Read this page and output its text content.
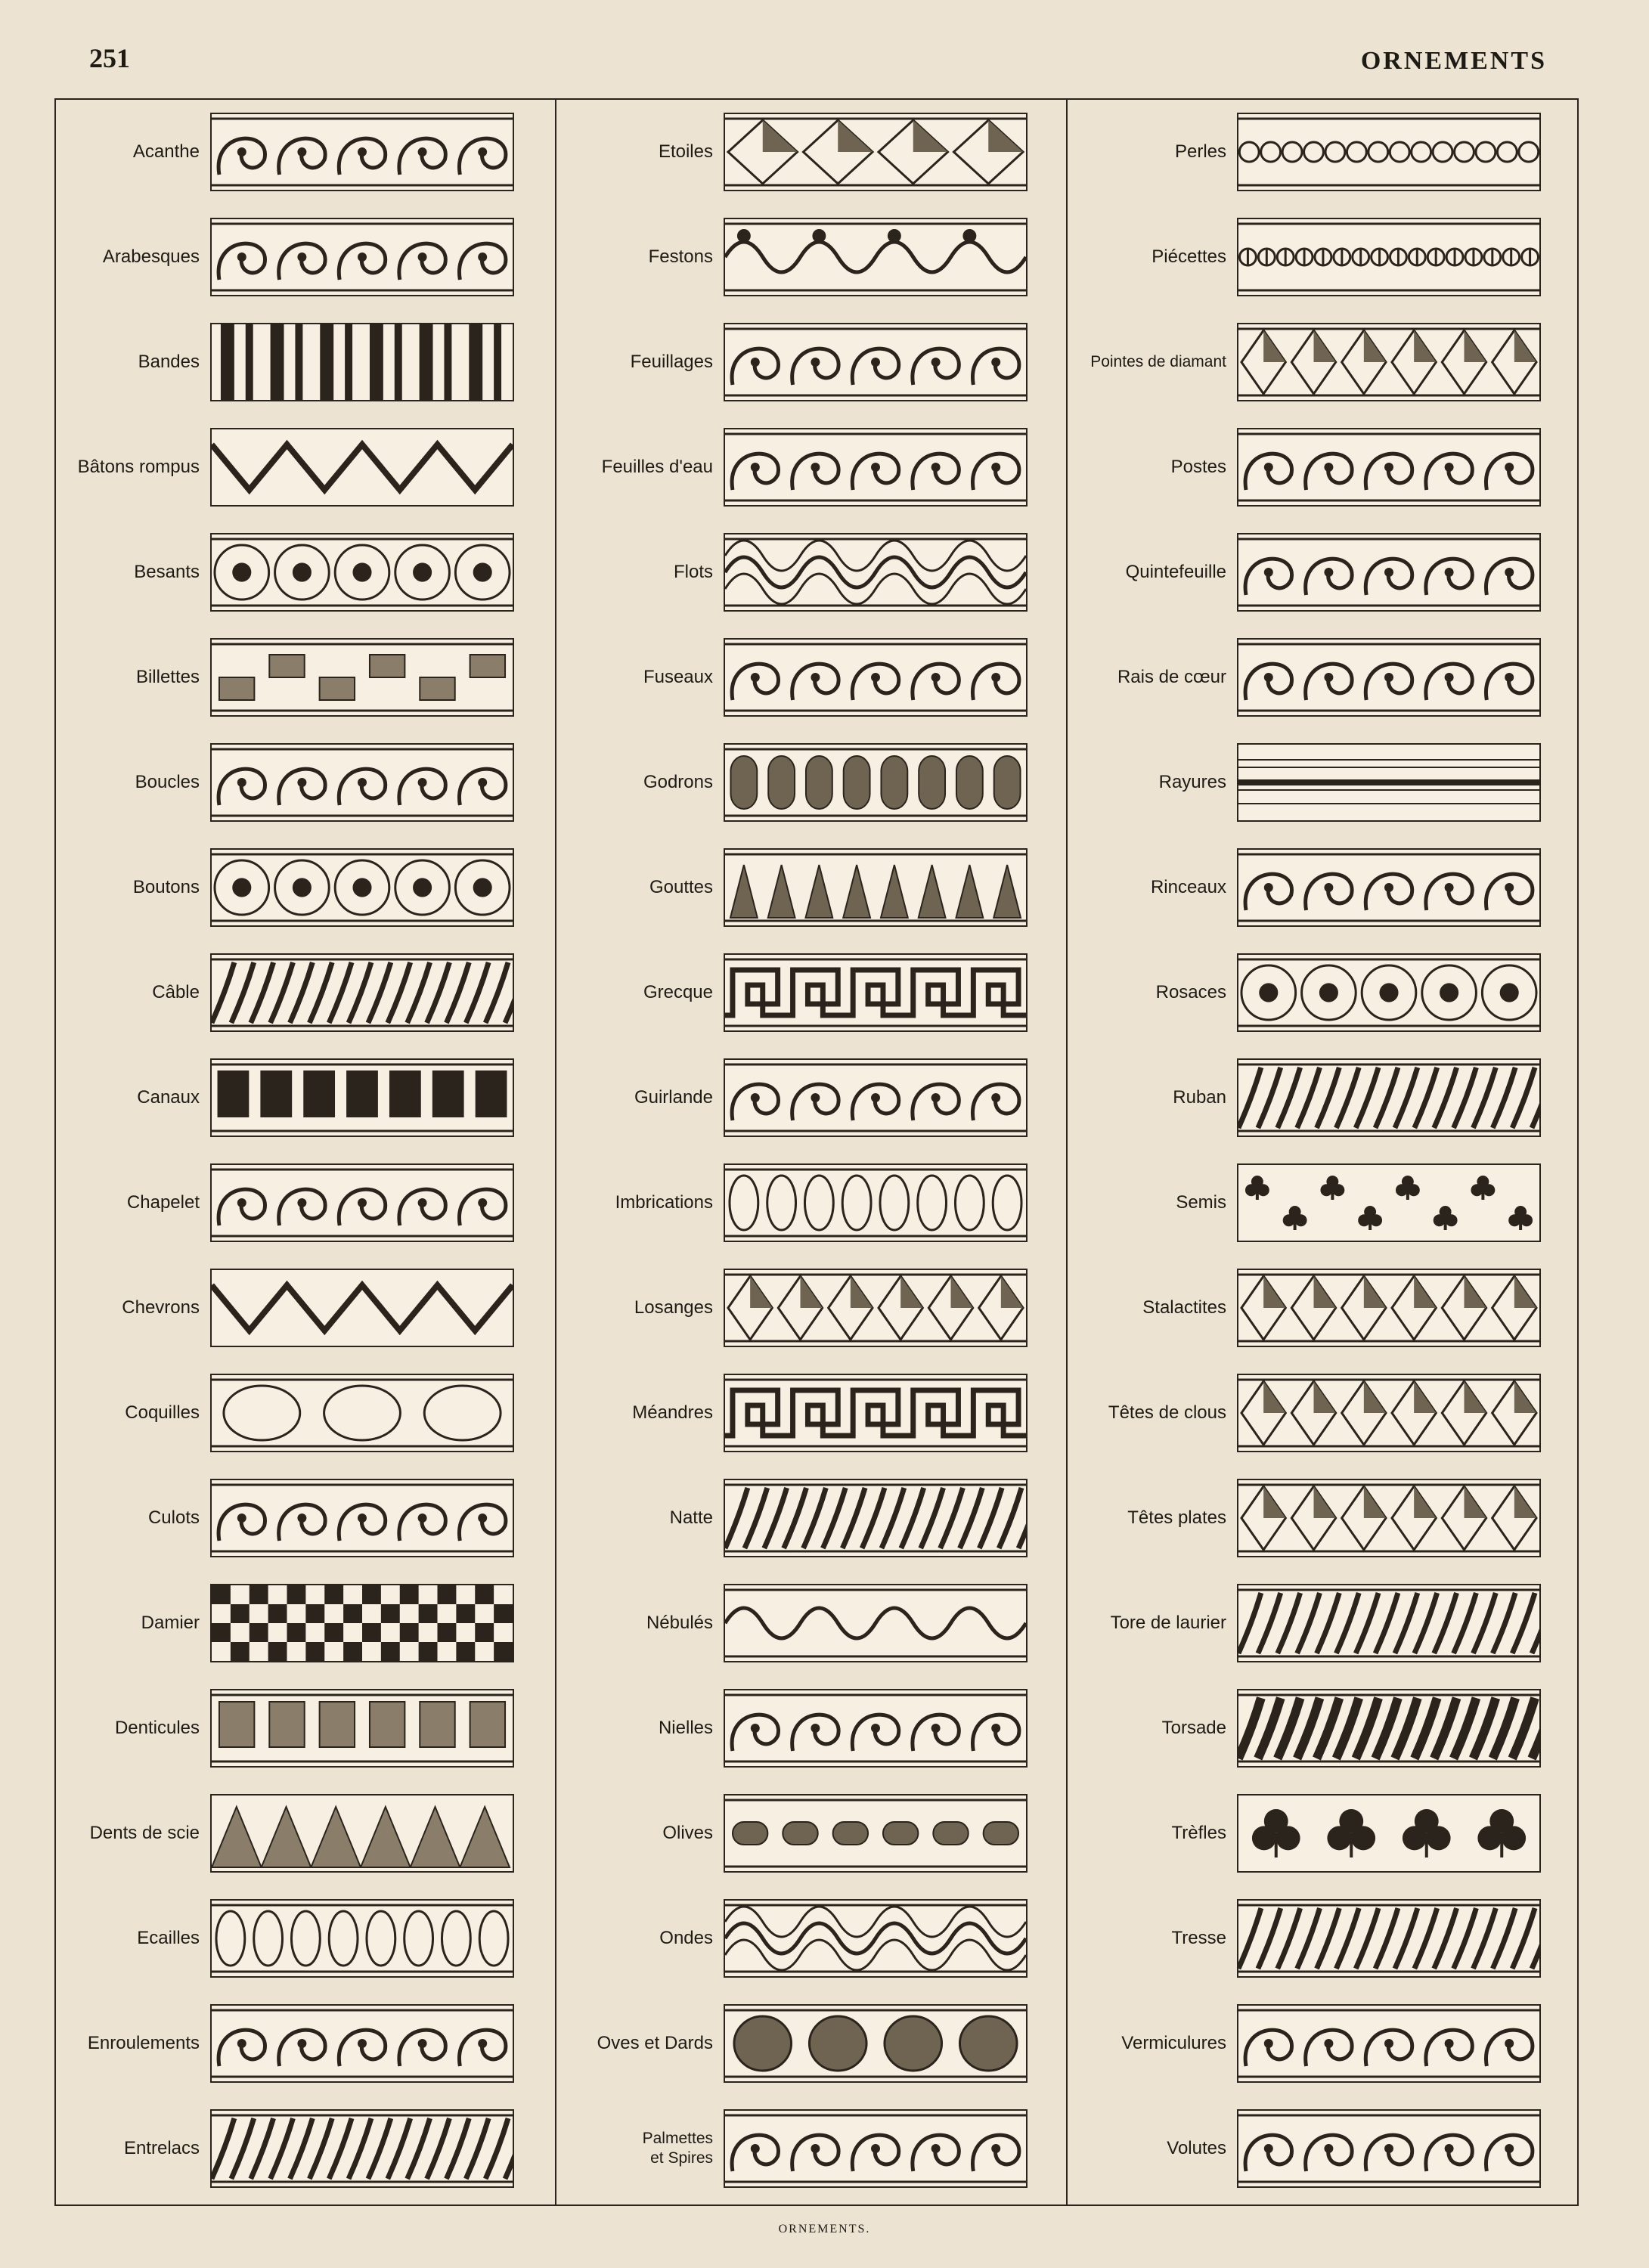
251	ORNEMENTS
Acanthe
Arabesques
Bandes
Bâtons rompus
Besants
Billettes
Boucles
Boutons
Câble
Canaux
Chapelet
Chevrons
Coquilles
Culots
Damier
Denticules
Dents de scie
Ecailles
Enroulements
Entrelacs
Etoiles
Festons
Feuillages
Feuilles d'eau
Flots
Fuseaux
Godrons
Gouttes
Grecque
Guirlande
Imbrications
Losanges
Méandres
Natte
Nébulés
Nielles
Olives
Ondes
Oves et Dards
Palmettes
et Spires
Perles
Piécettes
Pointes de diamant
Postes
Quintefeuille
Rais de cœur
Rayures
Rinceaux
Rosaces
Ruban
Semis
Stalactites
Têtes de clous
Têtes plates
Tore de laurier
Torsade
Trèfles
Tresse
Vermiculures
Volutes
ORNEMENTS.
